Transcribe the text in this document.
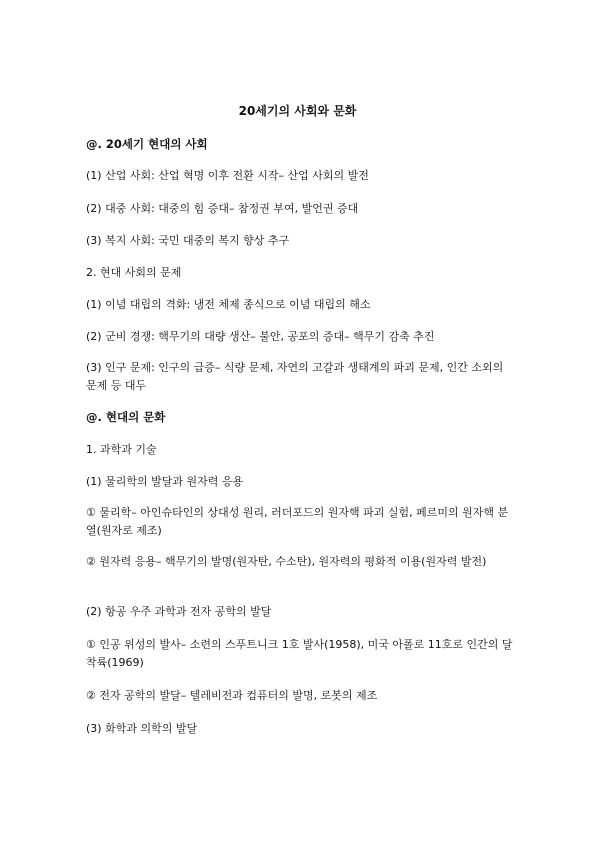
20세기의 사회와 문화
@. 20세기 현대의 사회
(1) 산업 사회: 산업 혁명 이후 전환 시작– 산업 사회의 발전
(2) 대중 사회: 대중의 힘 증대– 참정권 부여, 발언권 증대
(3) 복지 사회: 국민 대중의 복지 향상 추구
2. 현대 사회의 문제
(1) 이념 대립의 격화: 냉전 체제 종식으로 이념 대립의 해소
(2) 군비 경쟁: 핵무기의 대량 생산– 불안, 공포의 증대– 핵무기 감축 추진
(3) 인구 문제: 인구의 급증– 식량 문제, 자연의 고갈과 생태계의 파괴 문제, 인간 소외의 문제 등 대두
@. 현대의 문화
1. 과학과 기술
(1) 물리학의 발달과 원자력 응용
① 물리학– 아인슈타인의 상대성 원리, 러더포드의 원자핵 파괴 실험, 페르미의 원자핵 분열(원자로 제조)
② 원자력 응용– 핵무기의 발명(원자탄, 수소탄), 원자력의 평화적 이용(원자력 발전)
(2) 항공 우주 과학과 전자 공학의 발달
① 인공 위성의 발사– 소련의 스푸트니크 1호 발사(1958), 미국 아폴로 11호로 인간의 달 착륙(1969)
② 전자 공학의 발달– 텔레비전과 컴퓨터의 발명, 로봇의 제조
(3) 화학과 의학의 발달
